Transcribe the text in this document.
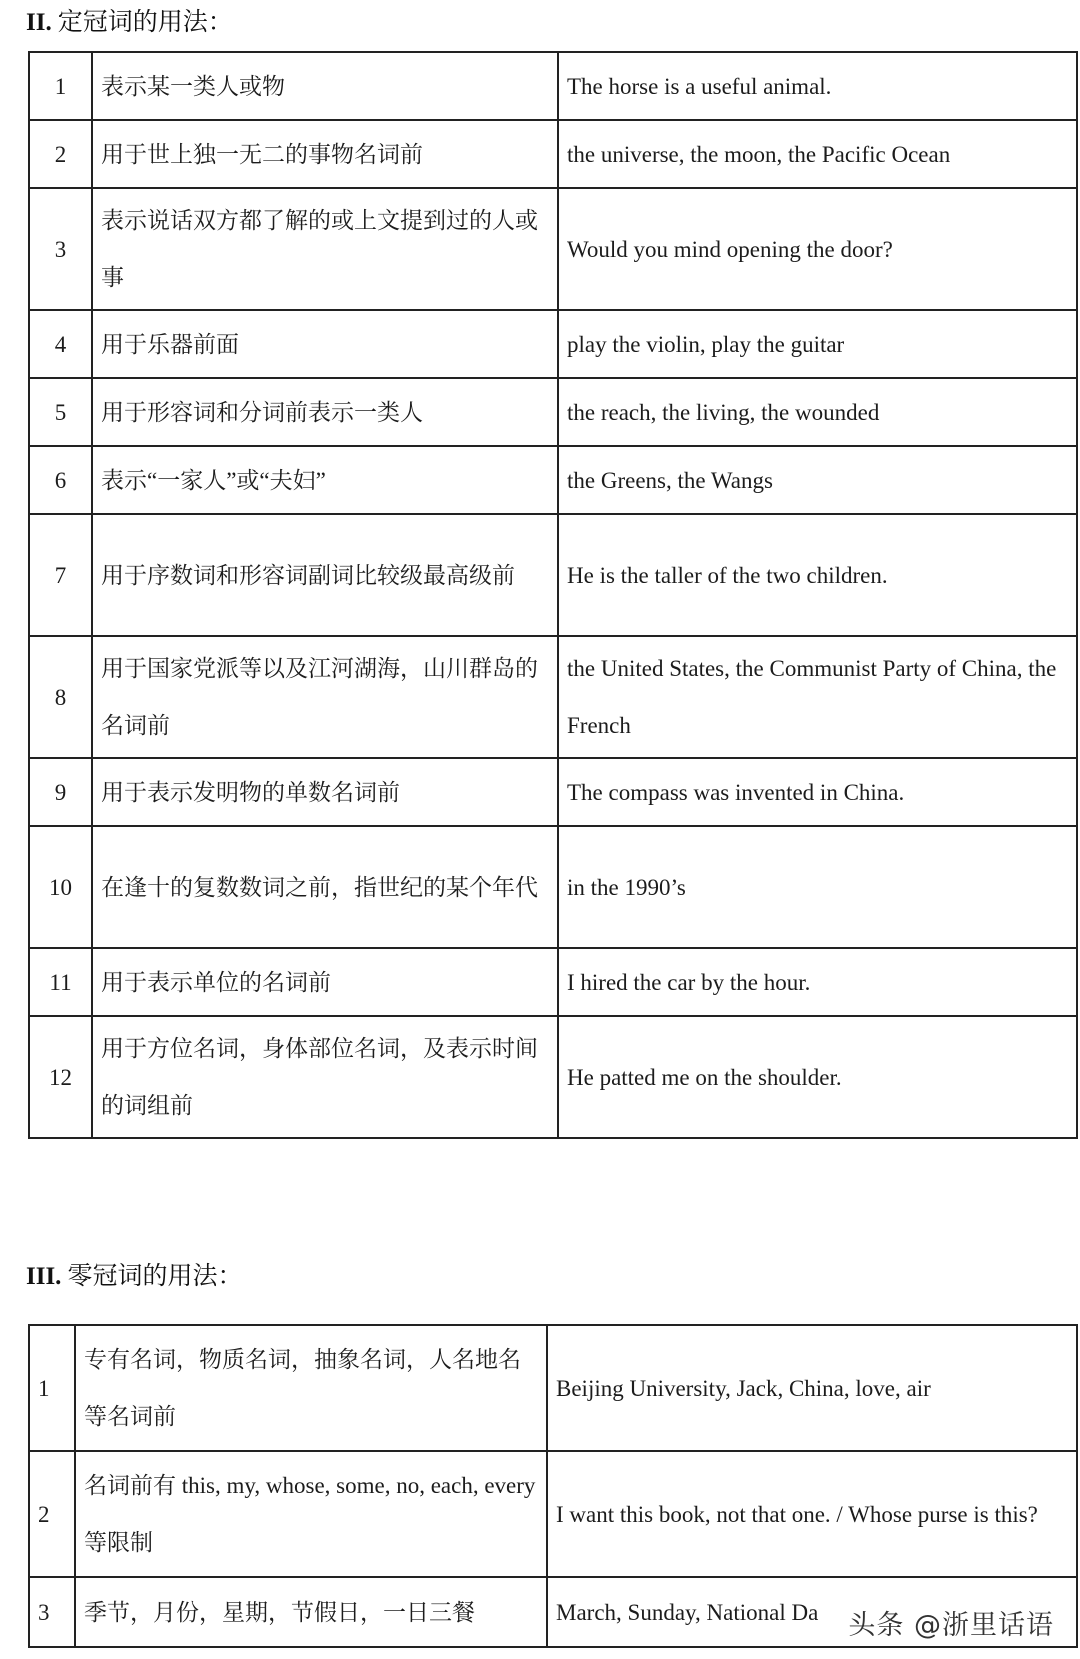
II. 定冠词的用法：
1	表示某一类人或物	The horse is a useful animal.
2	用于世上独一无二的事物名词前	the universe, the moon, the Pacific Ocean
3	表示说话双方都了解的或上文提到过的人或事	Would you mind opening the door?
4	用于乐器前面	play the violin, play the guitar
5	用于形容词和分词前表示一类人	the reach, the living, the wounded
6	表示“一家人”或“夫妇”	the Greens, the Wangs
7	用于序数词和形容词副词比较级最高级前	He is the taller of the two children.
8	用于国家党派等以及江河湖海，山川群岛的名词前	the United States, the Communist Party of China, the French
9	用于表示发明物的单数名词前	The compass was invented in China.
10	在逢十的复数数词之前，指世纪的某个年代	in the 1990’s
11	用于表示单位的名词前	I hired the car by the hour.
12	用于方位名词，身体部位名词，及表示时间的词组前	He patted me on the shoulder.
III. 零冠词的用法：
1	专有名词，物质名词，抽象名词，人名地名等名词前	Beijing University, Jack, China, love, air
2	名词前有 this, my, whose, some, no, each, every 等限制	I want this book, not that one. / Whose purse is this?
3	季节，月份，星期，节假日，一日三餐	March, Sunday, National Da 头条 @浙里话语
